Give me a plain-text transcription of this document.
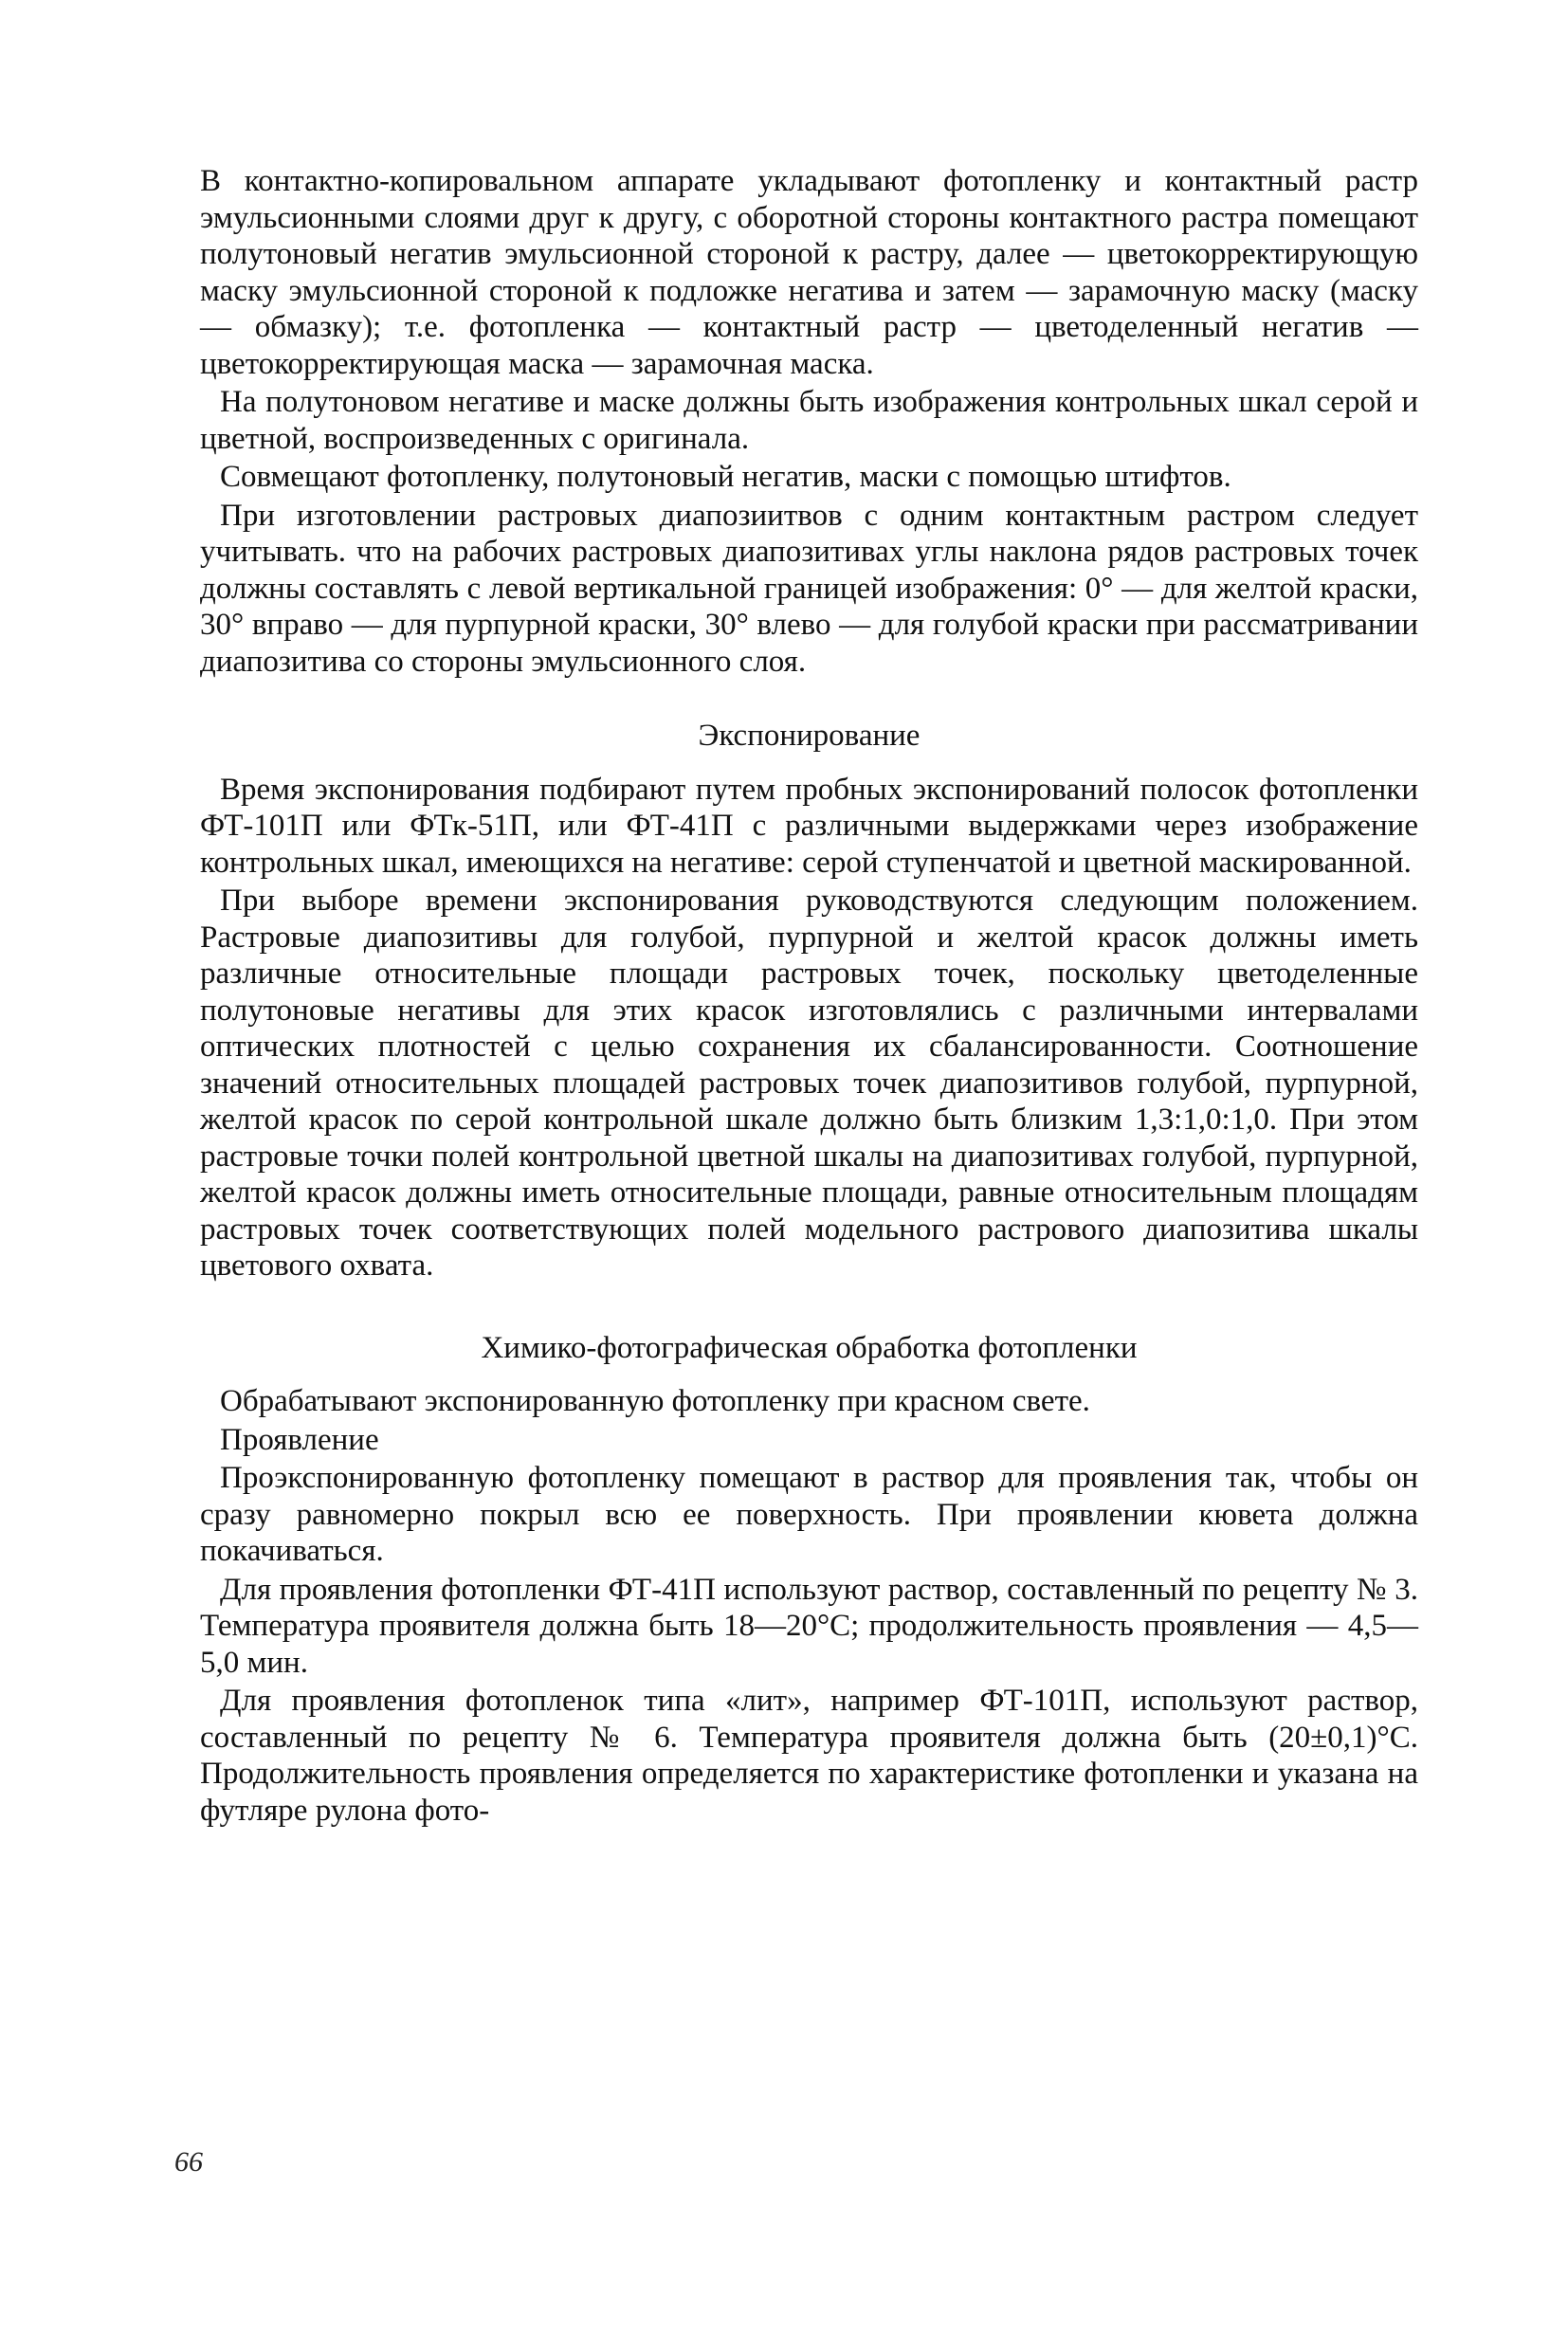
В контактно-копировальном аппарате укладывают фотопленку и контактный растр эмульсионными слоями друг к другу, с оборотной стороны контактного растра помещают полутоновый негатив эмульсионной стороной к растру, далее — цветокорректирующую маску эмульсионной стороной к подложке негатива и затем — зарамочную маску (маску — обмазку); т.е. фотопленка — контактный растр — цветоделенный негатив — цветокорректирующая маска — зарамочная маска.

На полутоновом негативе и маске должны быть изображения контрольных шкал серой и цветной, воспроизведенных с оригинала.

Совмещают фотопленку, полутоновый негатив, маски с помощью штифтов.

При изготовлении растровых диапозиитвов с одним контактным растром следует учитывать. что на рабочих растровых диапозитивах углы наклона рядов растровых точек должны составлять с левой вертикальной границей изображения: 0° — для желтой краски, 30° вправо — для пурпурной краски, 30° влево — для голубой краски при рассматривании диапозитива со стороны эмульсионного слоя.

Экспонирование

Время экспонирования подбирают путем пробных экспонирований полосок фотопленки ФТ-101П или ФТк-51П, или ФТ-41П с различными выдержками через изображение контрольных шкал, имеющихся на негативе: серой ступенчатой и цветной маскированной.

При выборе времени экспонирования руководствуются следующим положением. Растровые диапозитивы для голубой, пурпурной и желтой красок должны иметь различные относительные площади растровых точек, поскольку цветоделенные полутоновые негативы для этих красок изготовлялись с различными интервалами оптических плотностей с целью сохранения их сбалансированности. Соотношение значений относительных площадей растровых точек диапозитивов голубой, пурпурной, желтой красок по серой контрольной шкале должно быть близким 1,3:1,0:1,0. При этом растровые точки полей контрольной цветной шкалы на диапозитивах голубой, пурпурной, желтой красок должны иметь относительные площади, равные относительным площадям растровых точек соответствующих полей модельного растрового диапозитива шкалы цветового охвата.

Химико-фотографическая обработка фотопленки

Обрабатывают экспонированную фотопленку при красном свете.

Проявление

Проэкспонированную фотопленку помещают в раствор для проявления так, чтобы он сразу равномерно покрыл всю ее поверхность. При проявлении кювета должна покачиваться.

Для проявления фотопленки ФТ-41П используют раствор, составленный по рецепту № 3. Температура проявителя должна быть 18—20°С; продолжительность проявления — 4,5—5,0 мин.

Для проявления фотопленок типа «лит», например ФТ-101П, используют раствор, составленный по рецепту № 6. Температура проявителя должна быть (20±0,1)°С. Продолжительность проявления определяется по характеристике фотопленки и указана на футляре рулона фото-

66
